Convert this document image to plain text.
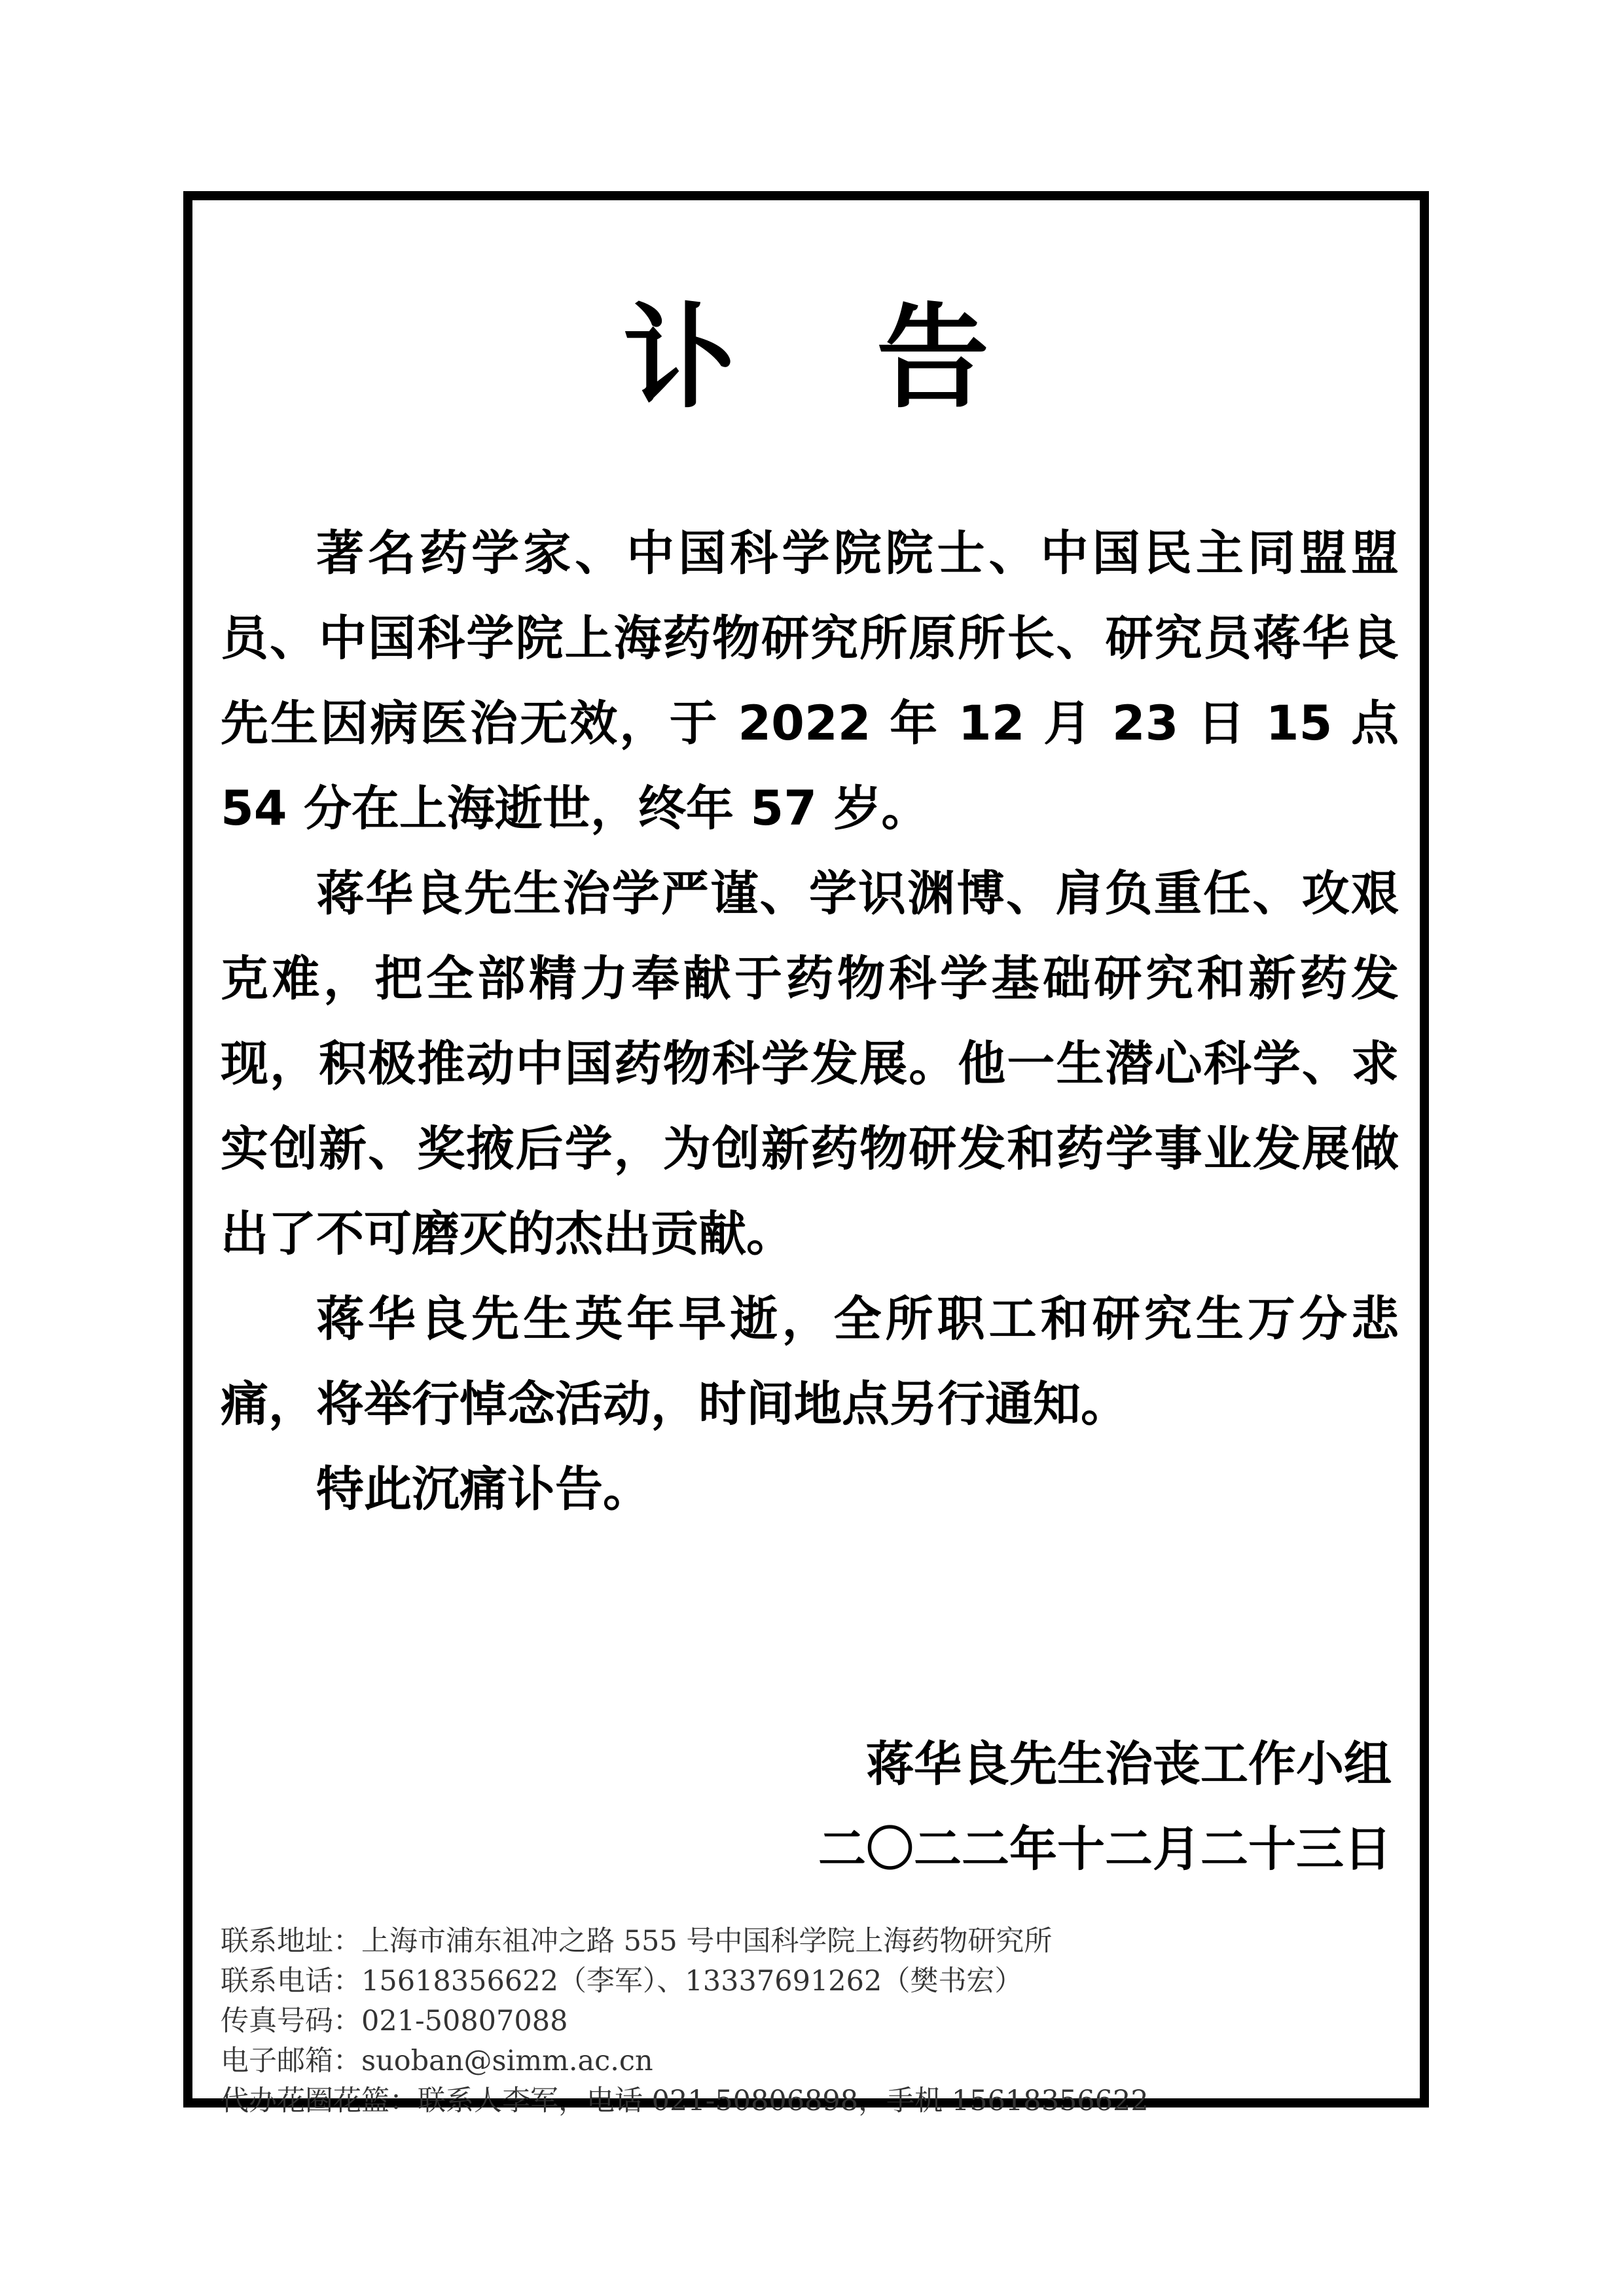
讣 告

著名药学家、中国科学院院士、中国民主同盟盟员、中国科学院上海药物研究所原所长、研究员蒋华良先生因病医治无效，于 2022 年 12 月 23 日 15 点 54 分在上海逝世，终年 57 岁。

蒋华良先生治学严谨、学识渊博、肩负重任、攻艰克难，把全部精力奉献于药物科学基础研究和新药发现，积极推动中国药物科学发展。他一生潜心科学、求实创新、奖掖后学，为创新药物研发和药学事业发展做出了不可磨灭的杰出贡献。

蒋华良先生英年早逝，全所职工和研究生万分悲痛，将举行悼念活动，时间地点另行通知。

特此沉痛讣告。

蒋华良先生治丧工作小组
二〇二二年十二月二十三日
联系地址：上海市浦东祖冲之路 555 号中国科学院上海药物研究所
联系电话：15618356622（李军）、13337691262（樊书宏）
传真号码：021-50807088
电子邮箱：suoban@simm.ac.cn
代办花圈花篮：联系人李军，电话 021-50806898，手机 15618356622
